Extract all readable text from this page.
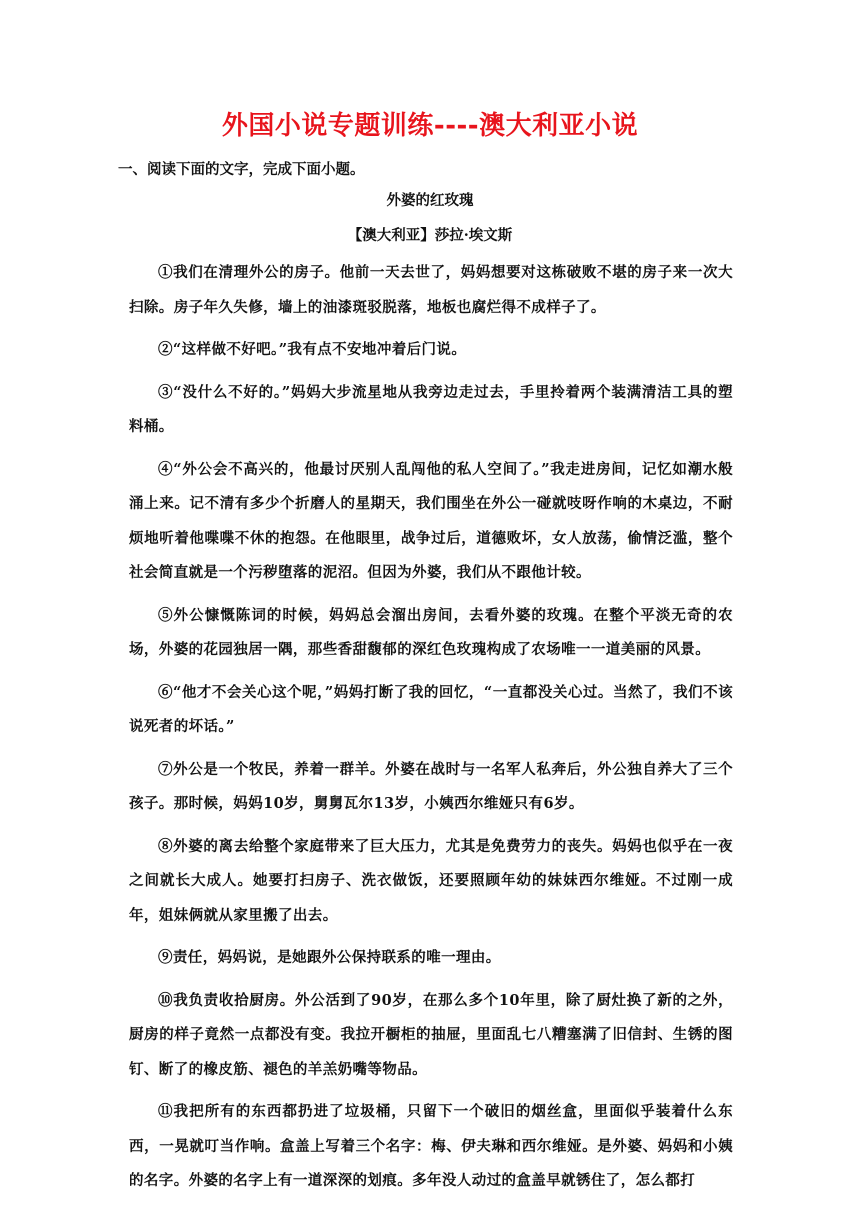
外国小说专题训练----澳大利亚小说
一、阅读下面的文字，完成下面小题。
外婆的红玫瑰
【澳大利亚】莎拉·埃文斯

①我们在清理外公的房子。他前一天去世了，妈妈想要对这栋破败不堪的房子来一次大扫除。房子年久失修，墙上的油漆斑驳脱落，地板也腐烂得不成样子了。

②“这样做不好吧。”我有点不安地冲着后门说。

③“没什么不好的。”妈妈大步流星地从我旁边走过去，手里拎着两个装满清洁工具的塑料桶。

④“外公会不高兴的，他最讨厌别人乱闯他的私人空间了。”我走进房间，记忆如潮水般涌上来。记不清有多少个折磨人的星期天，我们围坐在外公一碰就吱呀作响的木桌边，不耐烦地听着他喋喋不休的抱怨。在他眼里，战争过后，道德败坏，女人放荡，偷情泛滥，整个社会简直就是一个污秽堕落的泥沼。但因为外婆，我们从不跟他计较。

⑤外公慷慨陈词的时候，妈妈总会溜出房间，去看外婆的玫瑰。在整个平淡无奇的农场，外婆的花园独居一隅，那些香甜馥郁的深红色玫瑰构成了农场唯一一道美丽的风景。

⑥“他才不会关心这个呢，”妈妈打断了我的回忆，“一直都没关心过。当然了，我们不该说死者的坏话。”

⑦外公是一个牧民，养着一群羊。外婆在战时与一名军人私奔后，外公独自养大了三个孩子。那时候，妈妈10岁，舅舅瓦尔13岁，小姨西尔维娅只有6岁。

⑧外婆的离去给整个家庭带来了巨大压力，尤其是免费劳力的丧失。妈妈也似乎在一夜之间就长大成人。她要打扫房子、洗衣做饭，还要照顾年幼的妹妹西尔维娅。不过刚一成年，姐妹俩就从家里搬了出去。

⑨责任，妈妈说，是她跟外公保持联系的唯一理由。

⑩我负责收拾厨房。外公活到了90岁，在那么多个10年里，除了厨灶换了新的之外，厨房的样子竟然一点都没有变。我拉开橱柜的抽屉，里面乱七八糟塞满了旧信封、生锈的图钉、断了的橡皮筋、褪色的羊羔奶嘴等物品。

⑪我把所有的东西都扔进了垃圾桶，只留下一个破旧的烟丝盒，里面似乎装着什么东西，一晃就叮当作响。盒盖上写着三个名字：梅、伊夫琳和西尔维娅。是外婆、妈妈和小姨的名字。外婆的名字上有一道深深的划痕。多年没人动过的盒盖早就锈住了，怎么都打
